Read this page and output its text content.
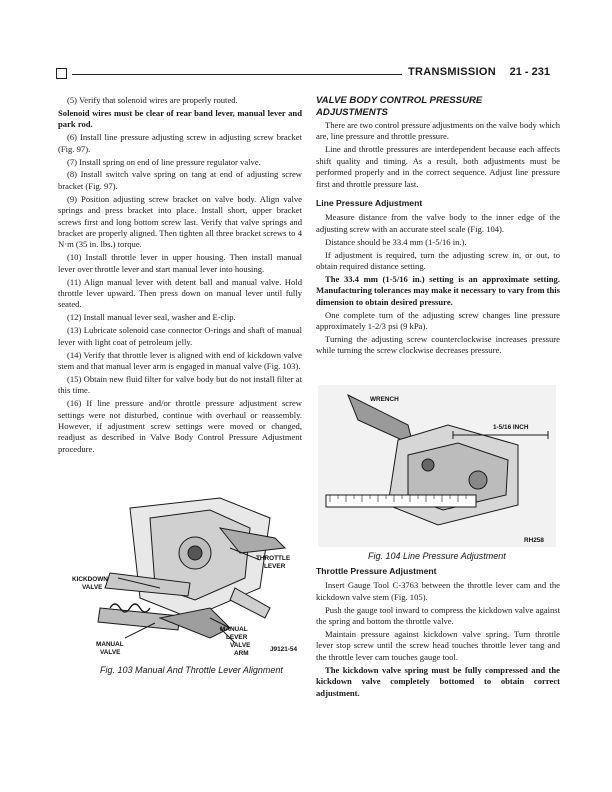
TRANSMISSION 21 - 231

(5) Verify that solenoid wires are properly routed.

Solenoid wires must be clear of rear band lever, manual lever and park rod.

(6) Install line pressure adjusting screw in adjusting screw bracket (Fig. 97).

(7) Install spring on end of line pressure regulator valve.

(8) Install switch valve spring on tang at end of adjusting screw bracket (Fig. 97).

(9) Position adjusting screw bracket on valve body. Align valve springs and press bracket into place. Install short, upper bracket screws first and long bottom screw last. Verify that valve springs and bracket are properly aligned. Then tighten all three bracket screws to 4 N·m (35 in. lbs.) torque.

(10) Install throttle lever in upper housing. Then install manual lever over throttle lever and start manual lever into housing.

(11) Align manual lever with detent ball and manual valve. Hold throttle lever upward. Then press down on manual lever until fully seated.

(12) Install manual lever seal, washer and E-clip.

(13) Lubricate solenoid case connector O-rings and shaft of manual lever with light coat of petroleum jelly.

(14) Verify that throttle lever is aligned with end of kickdown valve stem and that manual lever arm is engaged in manual valve (Fig. 103).

(15) Obtain new fluid filter for valve body but do not install filter at this time.

(16) If line pressure and/or throttle pressure adjustment screw settings were not disturbed, continue with overhaul or reassembly. However, if adjustment screw settings were moved or changed, readjust as described in Valve Body Control Pressure Adjustment procedure.

KICKDOWN
VALVE
THROTTLE
LEVER
MANUAL
LEVER
MANUAL
VALVE
VALVE
ARM
J9121-54
Fig. 103 Manual And Throttle Lever Alignment
VALVE BODY CONTROL PRESSURE
ADJUSTMENTS

There are two control pressure adjustments on the valve body which are, line pressure and throttle pressure.

Line and throttle pressures are interdependent because each affects shift quality and timing. As a result, both adjustments must be performed properly and in the correct sequence. Adjust line pressure first and throttle pressure last.

Line Pressure Adjustment

Measure distance from the valve body to the inner edge of the adjusting screw with an accurate steel scale (Fig. 104).

Distance should be 33.4 mm (1-5/16 in.).

If adjustment is required, turn the adjusting screw in, or out, to obtain required distance setting.

The 33.4 mm (1-5/16 in.) setting is an approximate setting. Manufacturing tolerances may make it necessary to vary from this dimension to obtain desired pressure.

One complete turn of the adjusting screw changes line pressure approximately 1-2/3 psi (9 kPa).

Turning the adjusting screw counterclockwise increases pressure while turning the screw clockwise decreases pressure.

WRENCH
1-5/16 INCH
RH258
Fig. 104 Line Pressure Adjustment
Throttle Pressure Adjustment

Insert Gauge Tool C-3763 between the throttle lever cam and the kickdown valve stem (Fig. 105).

Push the gauge tool inward to compress the kickdown valve against the spring and bottom the throttle valve.

Maintain pressure against kickdown valve spring. Turn throttle lever stop screw until the screw head touches throttle lever tang and the throttle lever cam touches gauge tool.

The kickdown valve spring must be fully compressed and the kickdown valve completely bottomed to obtain correct adjustment.
